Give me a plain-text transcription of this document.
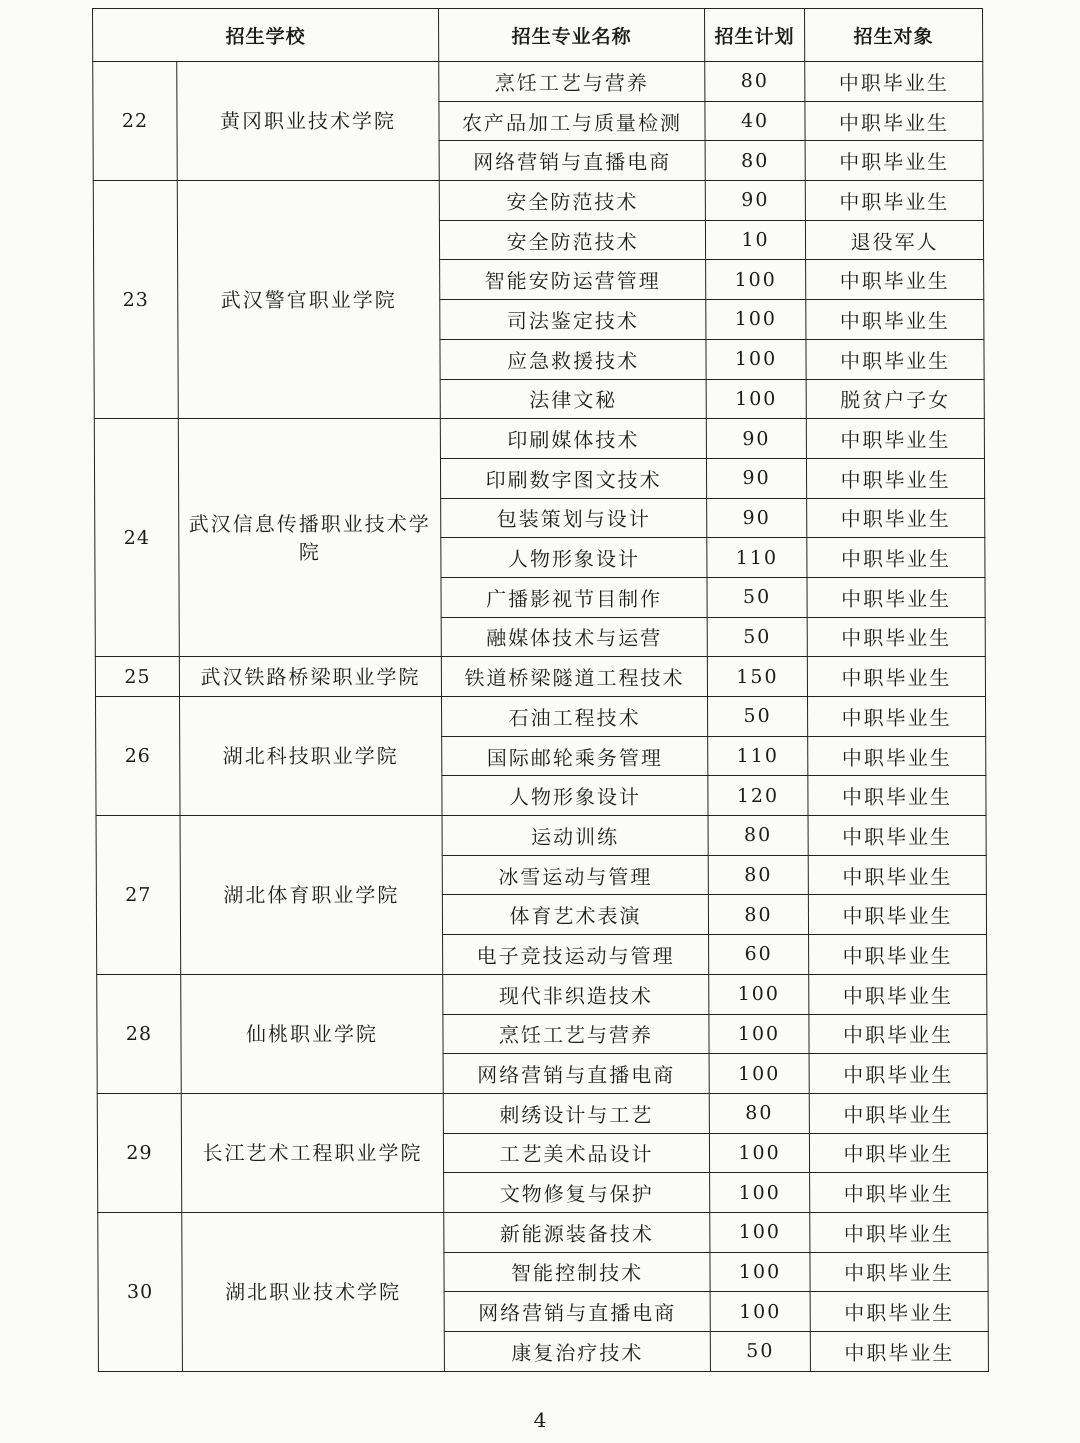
招生学校		招生专业名称	招生计划	招生对象
22	黄冈职业技术学院	烹饪工艺与营养	80	中职毕业生
		农产品加工与质量检测	40	中职毕业生
		网络营销与直播电商	80	中职毕业生
23	武汉警官职业学院	安全防范技术	90	中职毕业生
		安全防范技术	10	退役军人
		智能安防运营管理	100	中职毕业生
		司法鉴定技术	100	中职毕业生
		应急救援技术	100	中职毕业生
		法律文秘	100	脱贫户子女
24	武汉信息传播职业技术学院	印刷媒体技术	90	中职毕业生
		印刷数字图文技术	90	中职毕业生
		包装策划与设计	90	中职毕业生
		人物形象设计	110	中职毕业生
		广播影视节目制作	50	中职毕业生
		融媒体技术与运营	50	中职毕业生
25	武汉铁路桥梁职业学院	铁道桥梁隧道工程技术	150	中职毕业生
26	湖北科技职业学院	石油工程技术	50	中职毕业生
		国际邮轮乘务管理	110	中职毕业生
		人物形象设计	120	中职毕业生
27	湖北体育职业学院	运动训练	80	中职毕业生
		冰雪运动与管理	80	中职毕业生
		体育艺术表演	80	中职毕业生
		电子竞技运动与管理	60	中职毕业生
28	仙桃职业学院	现代非织造技术	100	中职毕业生
		烹饪工艺与营养	100	中职毕业生
		网络营销与直播电商	100	中职毕业生
29	长江艺术工程职业学院	刺绣设计与工艺	80	中职毕业生
		工艺美术品设计	100	中职毕业生
		文物修复与保护	100	中职毕业生
30	湖北职业技术学院	新能源装备技术	100	中职毕业生
		智能控制技术	100	中职毕业生
		网络营销与直播电商	100	中职毕业生
		康复治疗技术	50	中职毕业生
4
